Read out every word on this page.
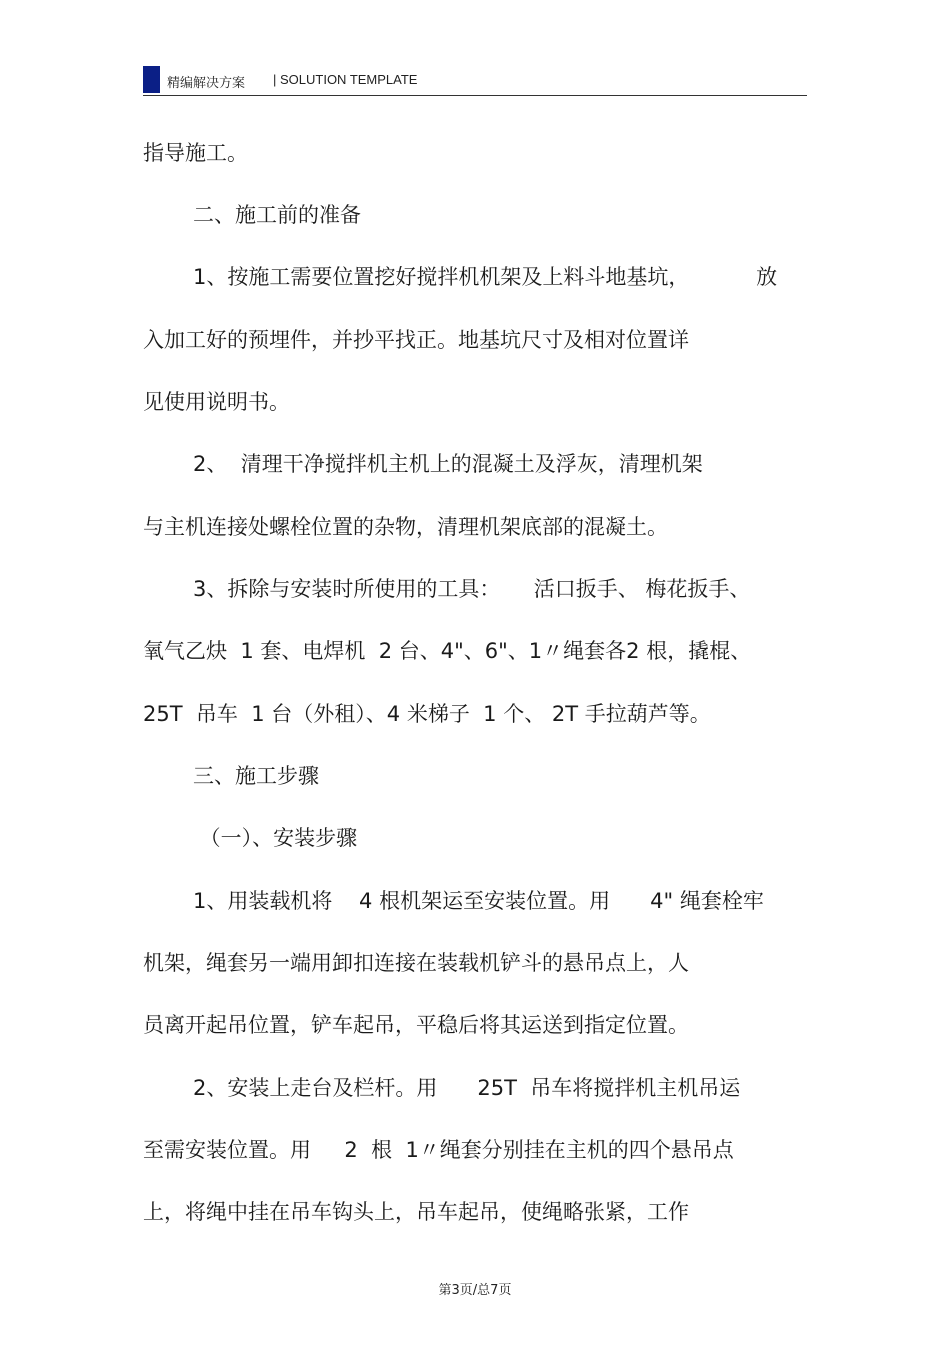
精编解决方案 | SOLUTION TEMPLATE
指导施工。
二、施工前的准备
1、按施工需要位置挖好搅拌机机架及上料斗地基坑，          放
入加工好的预埋件，并抄平找正。地基坑尺寸及相对位置详
见使用说明书。
2、  清理干净搅拌机主机上的混凝土及浮灰，清理机架
与主机连接处螺栓位置的杂物，清理机架底部的混凝土。
3、拆除与安装时所使用的工具：     活口扳手、 梅花扳手、
氧气乙炔  1 套、电焊机  2 台、4"、6"、1〃绳套各2 根，撬棍、
25T  吊车  1 台（外租）、4 米梯子  1 个、 2T 手拉葫芦等。
三、施工步骤
（一）、安装步骤
1、用装载机将    4 根机架运至安装位置。用      4" 绳套栓牢
机架，绳套另一端用卸扣连接在装载机铲斗的悬吊点上，人
员离开起吊位置，铲车起吊，平稳后将其运送到指定位置。
2、安装上走台及栏杆。用      25T  吊车将搅拌机主机吊运
至需安装位置。用     2  根  1〃绳套分别挂在主机的四个悬吊点
上，将绳中挂在吊车钩头上，吊车起吊，使绳略张紧，工作
第3页/总7页
